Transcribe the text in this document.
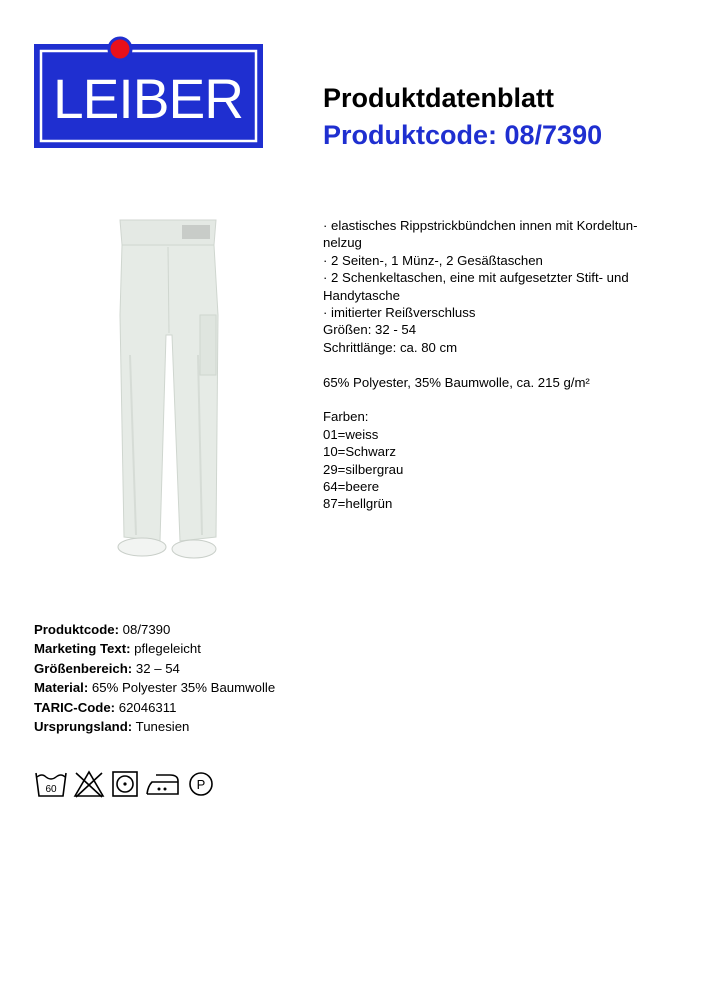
LEIBER	Produktdatenblatt
Produktcode: 08/7390
· elastisches Rippstrickbündchen innen mit Kordeltun-
nelzug
· 2 Seiten-, 1 Münz-, 2 Gesäßtaschen
· 2 Schenkeltaschen, eine mit aufgesetzter Stift- und
Handytasche
· imitierter Reißverschluss
Größen: 32 - 54
Schrittlänge: ca. 80 cm
65% Polyester, 35% Baumwolle, ca. 215 g/m²
Farben:
01=weiss
10=Schwarz
29=silbergrau
64=beere
87=hellgrün
Produktcode: 08/7390
Marketing Text: pflegeleicht
Größenbereich: 32 – 54
Material: 65% Polyester 35% Baumwolle
TARIC-Code: 62046311
Ursprungsland: Tunesien
60	P
